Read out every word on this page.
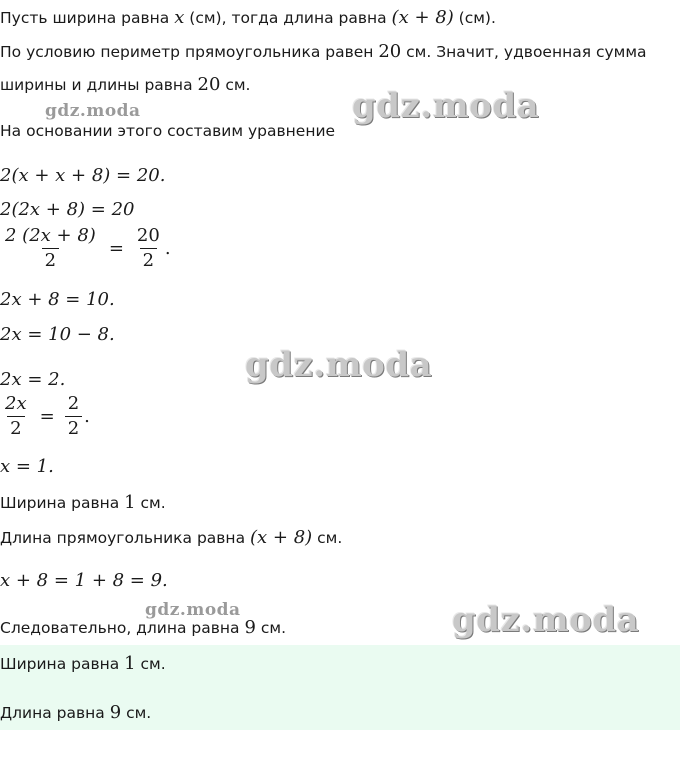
Пусть ширина равна x (см), тогда длина равна (x + 8) (см).
По условию периметр прямоугольника равен 20 см. Значит, удвоенная сумма
ширины и длины равна 20 см.
На основании этого составим уравнение
2(x + x + 8) = 20.
2(2x + 8) = 20
$\frac{2 (2x + 8)}{2} = \frac{20}{2}$ .
2x + 8 = 10.
2x = 10 − 8.
2x = 2.
$\frac{2x}{2} = \frac{2}{2}$ .
x = 1.
Ширина равна 1 см.
Длина прямоугольника равна (x + 8) см.
x + 8 = 1 + 8 = 9.
Следовательно, длина равна 9 см.
Ширина равна 1 см.
Длина равна 9 см.
gdz.moda	gdz.moda
gdz.moda
gdz.moda	gdz.moda
